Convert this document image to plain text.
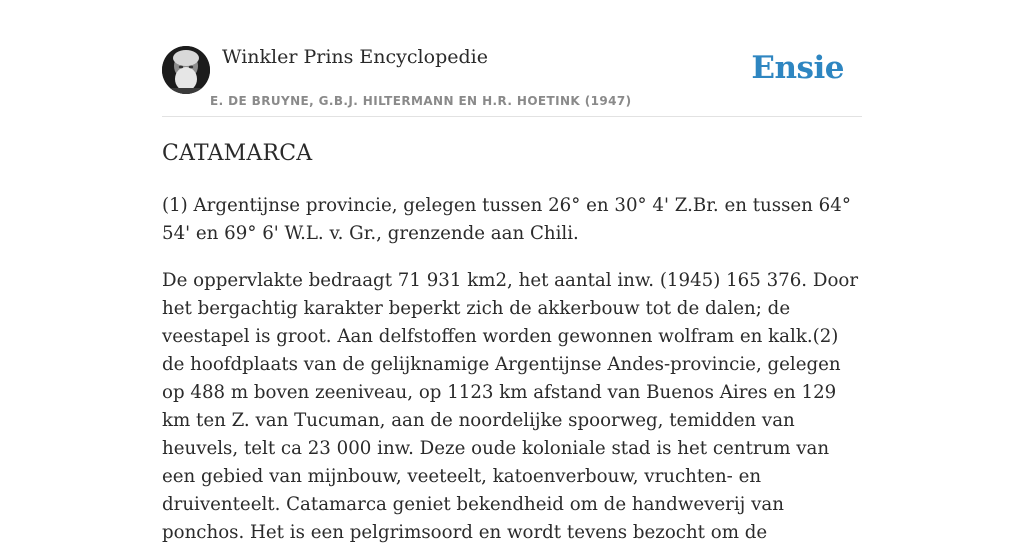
Winkler Prins Encyclopedie
E. DE BRUYNE, G.B.J. HILTERMANN EN H.R. HOETINK (1947)
Ensie
CATAMARCA

(1) Argentijnse provincie, gelegen tussen 26° en 30° 4' Z.Br. en tussen 64° 54' en 69° 6' W.L. v. Gr., grenzende aan Chili.

De oppervlakte bedraagt 71 931 km2, het aantal inw. (1945) 165 376. Door het bergachtig karakter beperkt zich de akkerbouw tot de dalen; de veestapel is groot. Aan delfstoffen worden gewonnen wolfram en kalk.(2) de hoofdplaats van de gelijknamige Argentijnse Andes-provincie, gelegen op 488 m boven zeeniveau, op 1123 km afstand van Buenos Aires en 129 km ten Z. van Tucuman, aan de noordelijke spoorweg, temidden van heuvels, telt ca 23 000 inw. Deze oude koloniale stad is het centrum van een gebied van mijnbouw, veeteelt, katoenverbouw, vruchten- en druiventeelt. Catamarca geniet bekendheid om de handweverij van ponchos. Het is een pelgrimsoord en wordt tevens bezocht om de
